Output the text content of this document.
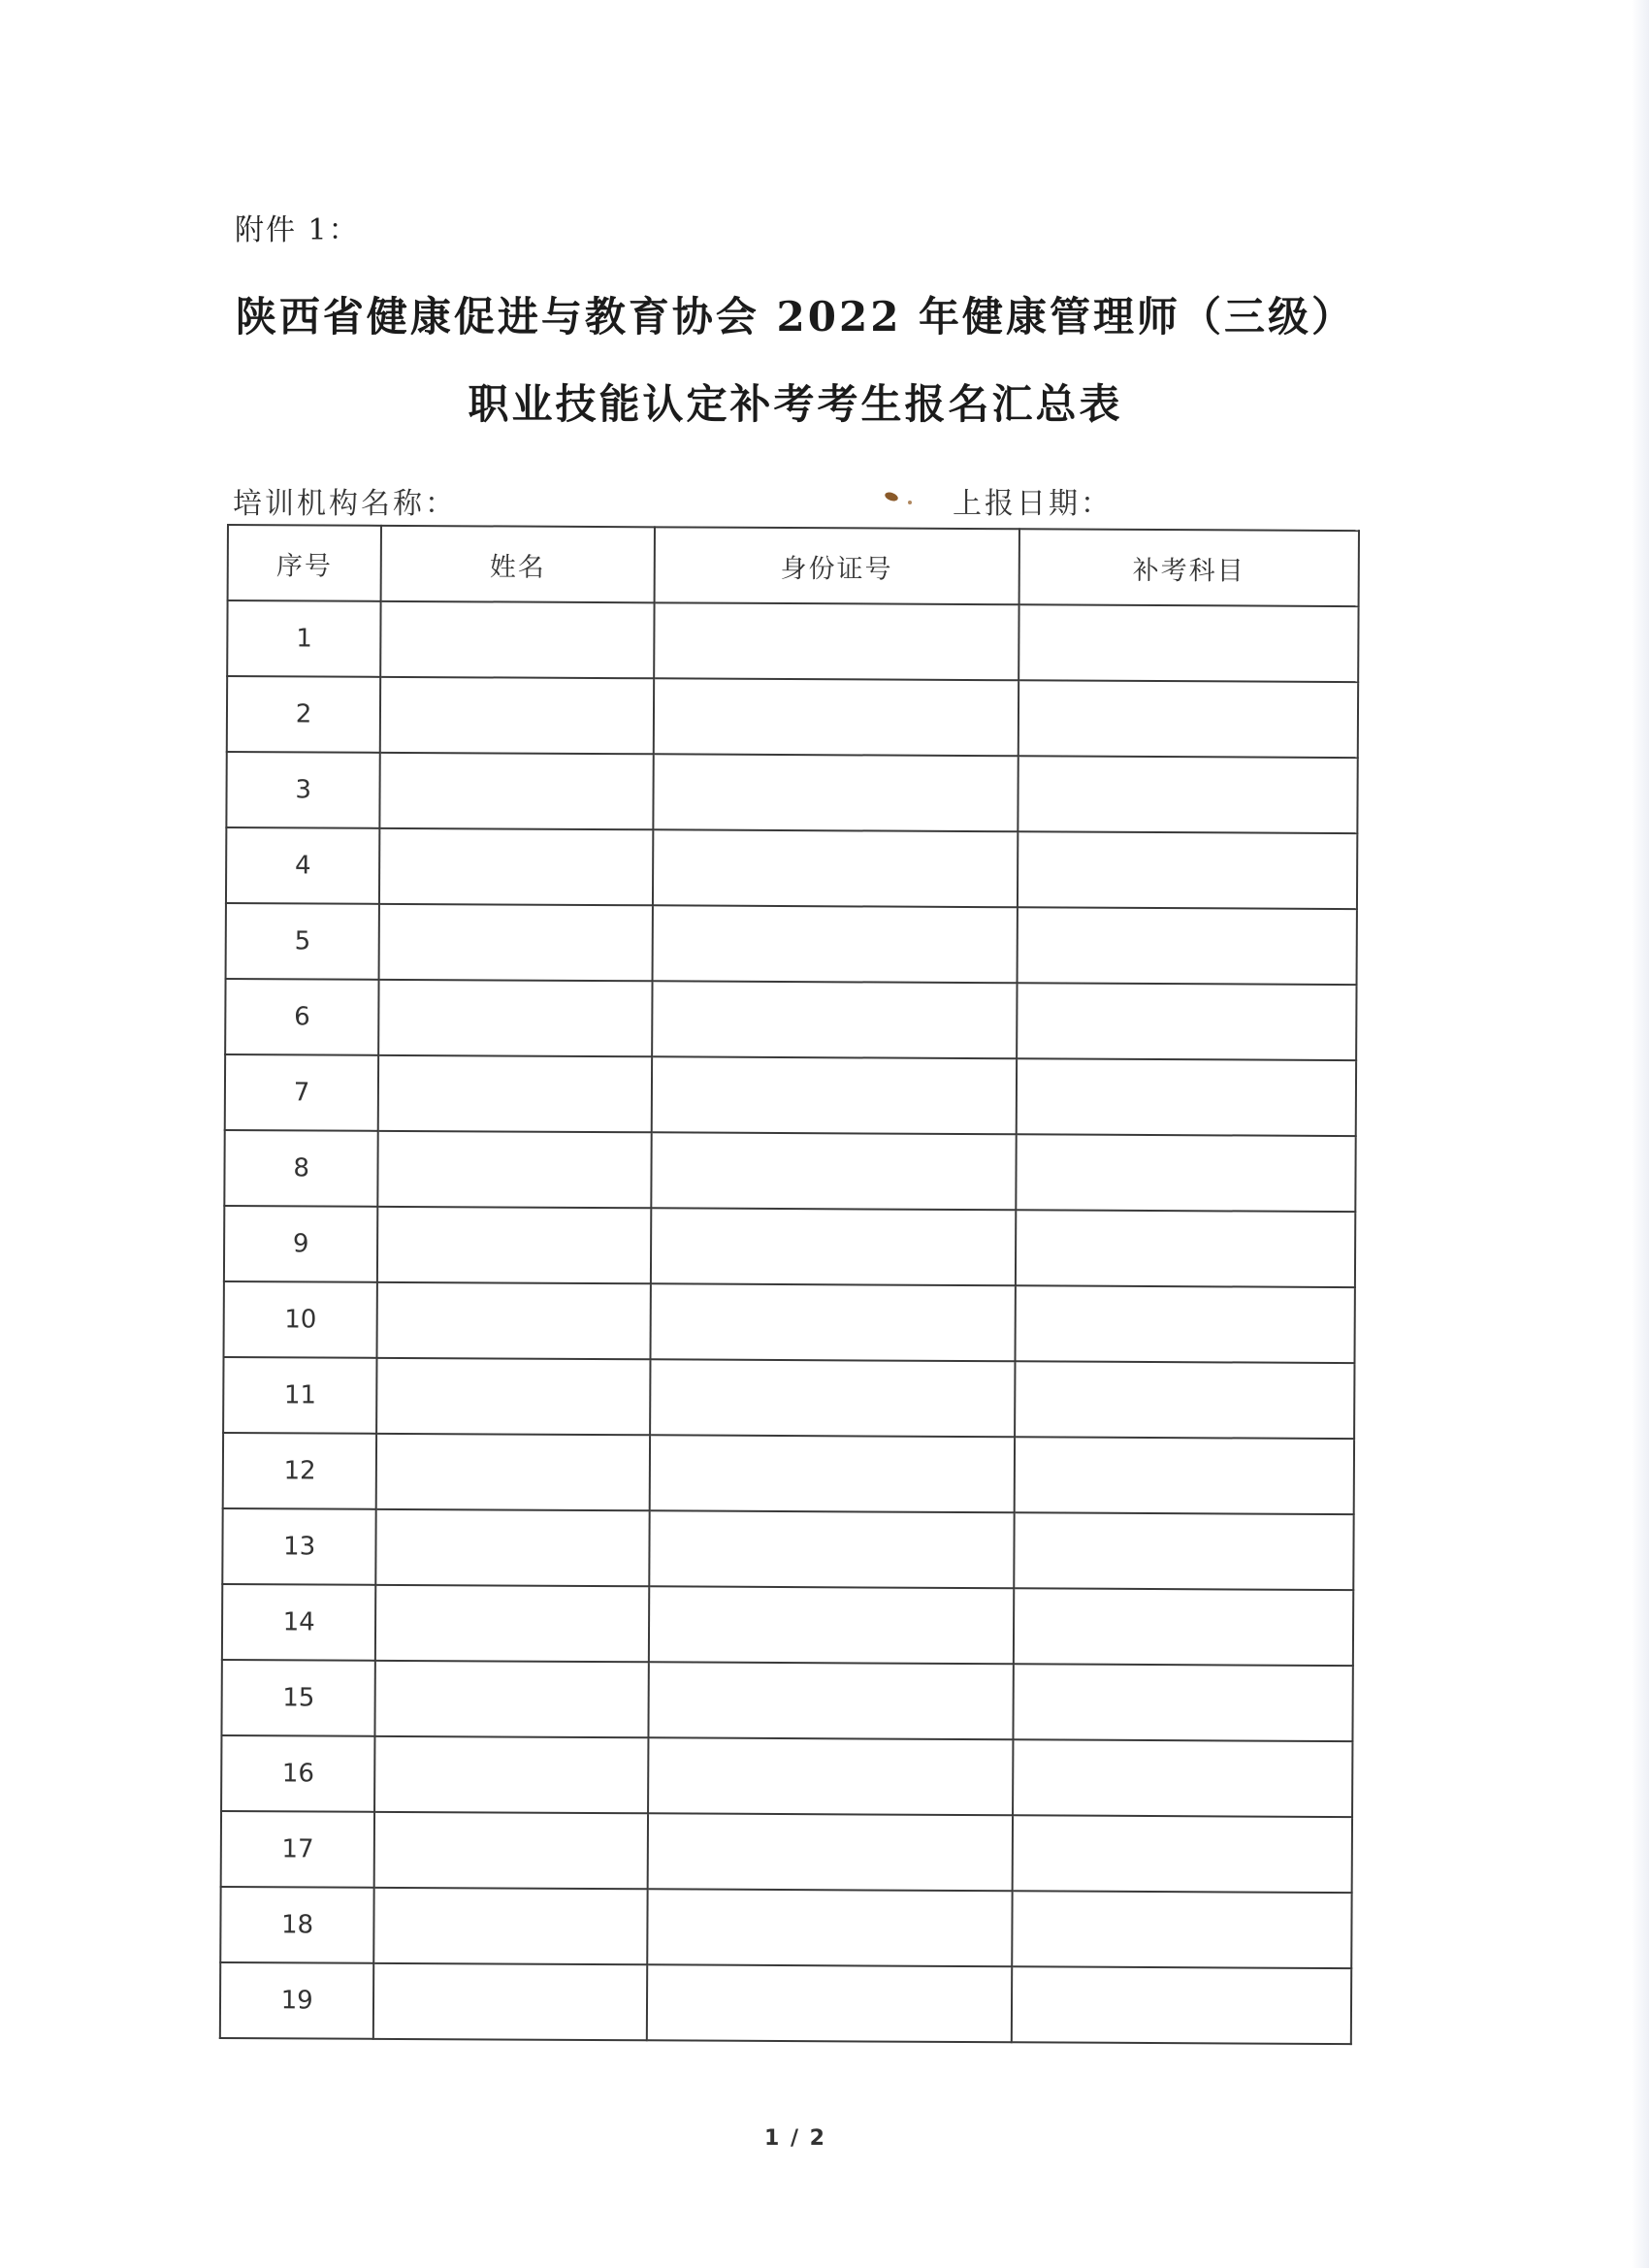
附件 1：
陕西省健康促进与教育协会 2022 年健康管理师（三级）
职业技能认定补考考生报名汇总表
培训机构名称：	上报日期：
序号	姓名	身份证号	补考科目
1			
2			
3			
4			
5			
6			
7			
8			
9			
10			
11			
12			
13			
14			
15			
16			
17			
18			
19			
1 / 2
